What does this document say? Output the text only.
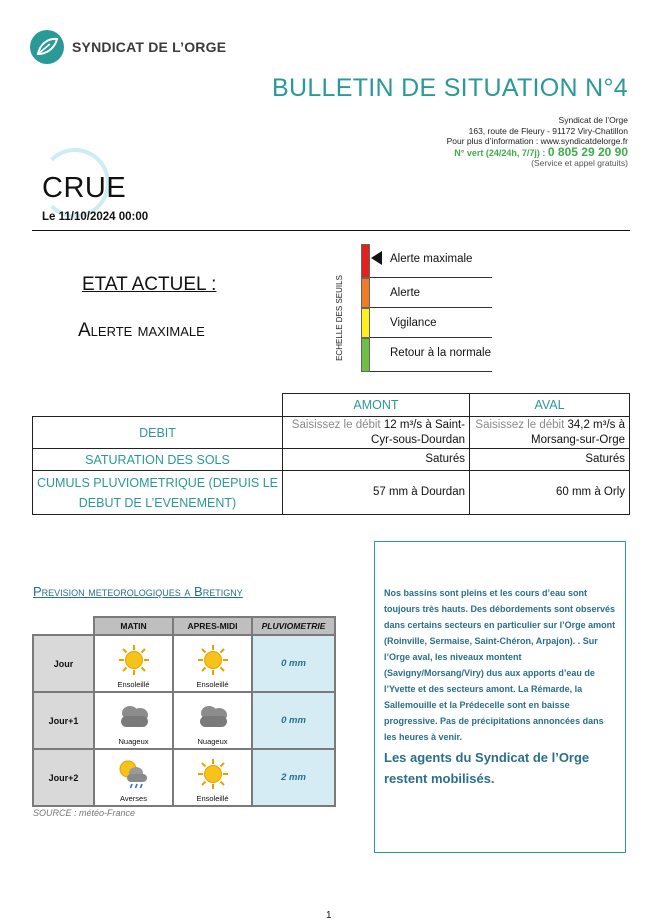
SYNDICAT DE L’ORGE
BULLETIN DE SITUATION N°4
Syndicat de l’Orge
163, route de Fleury - 91172 Viry-Chatillon
Pour plus d’information : www.syndicatdelorge.fr
N° vert (24/24h, 7/7j) : 0 805 29 20 90
(Service et appel gratuits)
CRUE
Le 11/10/2024 00:00
ETAT ACTUEL :
Alerte maximale	ECHELLE DES SEUILS
Alerte maximale
Alerte
Vigilance
Retour à la normale
	AMONT	AVAL
DEBIT	Saisissez le débit 12 m³/s à Saint-Cyr-sous-Dourdan	Saisissez le débit 34,2 m³/s à Morsang-sur-Orge
SATURATION DES SOLS	Saturés	Saturés
CUMULS PLUVIOMETRIQUE (DEPUIS LE DEBUT DE L’EVENEMENT)	57 mm à Dourdan	60 mm à Orly
Prevision meteorologiques a Bretigny
	MATIN	APRES-MIDI	PLUVIOMETRIE
Jour	Ensoleillé	Ensoleillé	0 mm
Jour+1	Nuageux	Nuageux	0 mm
Jour+2	Averses	Ensoleillé	2 mm
SOURCE : météo-France
Nos bassins sont pleins et les cours d’eau sont toujours très hauts. Des débordements sont observés dans certains secteurs en particulier sur l’Orge amont (Roinville, Sermaise, Saint-Chéron, Arpajon). . Sur l’Orge aval, les niveaux montent (Savigny/Morsang/Viry) dus aux apports d’eau de l’Yvette et des secteurs amont. La Rémarde, la Sallemouille et la Prédecelle sont en baisse progressive. Pas de précipitations annoncées dans les heures à venir.
Les agents du Syndicat de l’Orge restent mobilisés.
1
